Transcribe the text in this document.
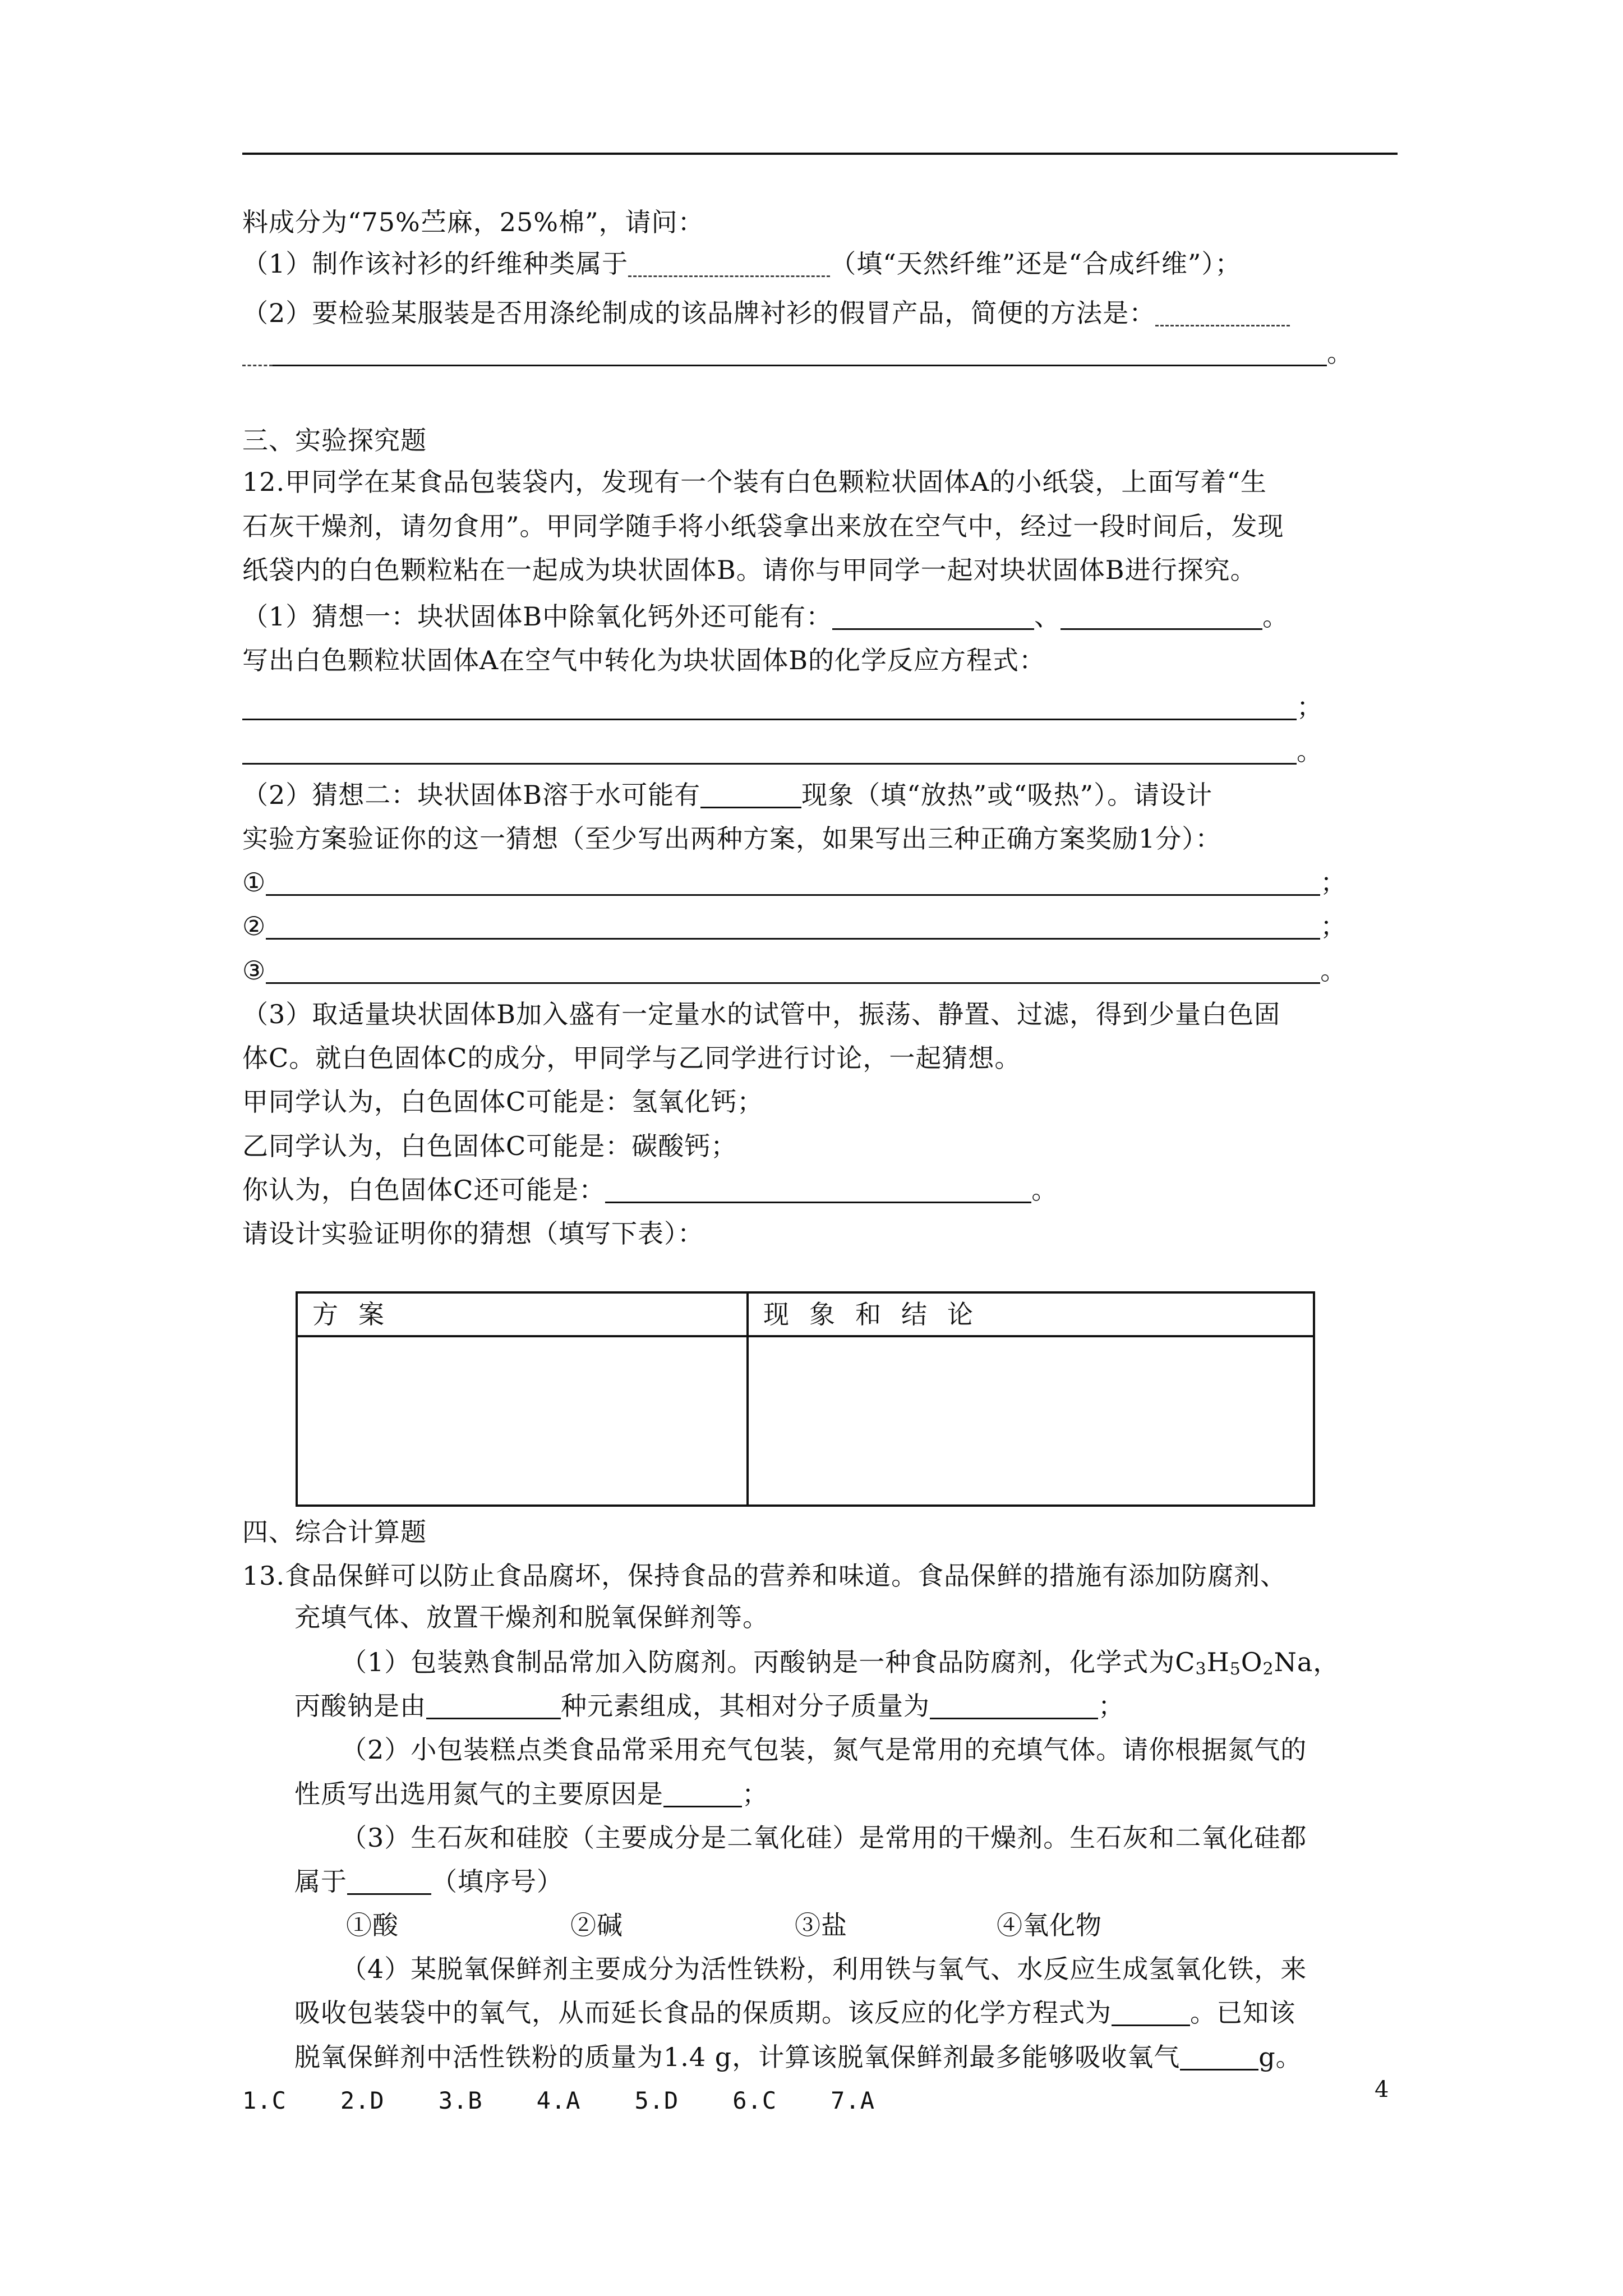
料成分为“75%苎麻，25%棉”，请问：
（1）制作该衬衫的纤维种类属于	（填“天然纤维”还是“合成纤维”）；
（2）要检验某服装是否用涤纶制成的该品牌衬衫的假冒产品，简便的方法是：
。
三、实验探究题
12.甲同学在某食品包装袋内，发现有一个装有白色颗粒状固体A的小纸袋，上面写着“生
石灰干燥剂，请勿食用”。甲同学随手将小纸袋拿出来放在空气中，经过一段时间后，发现
纸袋内的白色颗粒粘在一起成为块状固体B。请你与甲同学一起对块状固体B进行探究。
（1）猜想一：块状固体B中除氧化钙外还可能有：	、	。
写出白色颗粒状固体A在空气中转化为块状固体B的化学反应方程式：
；
。
（2）猜想二：块状固体B溶于水可能有	现象（填“放热”或“吸热”）。请设计
实验方案验证你的这一猜想（至少写出两种方案，如果写出三种正确方案奖励1分）：
①	；
②	；
③	。
（3）取适量块状固体B加入盛有一定量水的试管中，振荡、静置、过滤，得到少量白色固
体C。就白色固体C的成分，甲同学与乙同学进行讨论，一起猜想。
甲同学认为，白色固体C可能是：氢氧化钙；
乙同学认为，白色固体C可能是：碳酸钙；
你认为，白色固体C还可能是：	。
请设计实验证明你的猜想（填写下表）：
方案	现象和结论

四、综合计算题
13.食品保鲜可以防止食品腐坏，保持食品的营养和味道。食品保鲜的措施有添加防腐剂、
充填气体、放置干燥剂和脱氧保鲜剂等。
（1）包装熟食制品常加入防腐剂。丙酸钠是一种食品防腐剂，化学式为$C_3H_5O_2Na$，
丙酸钠是由	种元素组成，其相对分子质量为	；
（2）小包装糕点类食品常采用充气包装，氮气是常用的充填气体。请你根据氮气的
性质写出选用氮气的主要原因是	；
（3）生石灰和硅胶（主要成分是二氧化硅）是常用的干燥剂。生石灰和二氧化硅都
属于	（填序号）
①酸	②碱	③盐	④氧化物
（4）某脱氧保鲜剂主要成分为活性铁粉，利用铁与氧气、水反应生成氢氧化铁，来
吸收包装袋中的氧气，从而延长食品的保质期。该反应的化学方程式为	。已知该
脱氧保鲜剂中活性铁粉的质量为1.4 g，计算该脱氧保鲜剂最多能够吸收氧气	g。
1.C 2.D 3.B 4.A 5.D 6.C 7.A	4
